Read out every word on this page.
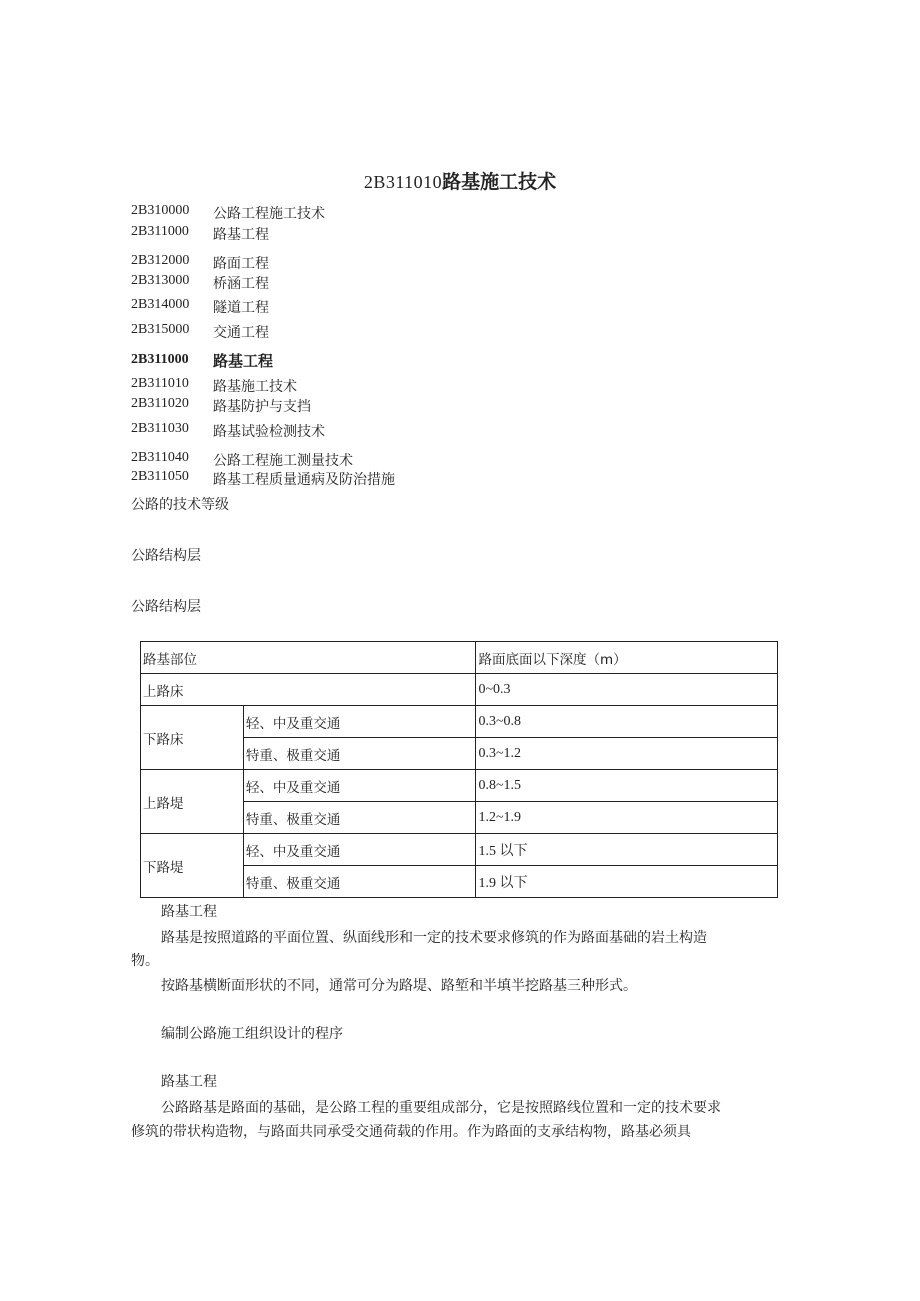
2B311010路基施工技术
2B310000 公路工程施工技术
2B311000 路基工程
2B312000 路面工程
2B313000 桥涵工程
2B314000 隧道工程
2B315000 交通工程
2B311000 路基工程
2B311010 路基施工技术
2B311020 路基防护与支挡
2B311030 路基试验检测技术
2B311040 公路工程施工测量技术
2B311050 路基工程质量通病及防治措施
公路的技术等级
公路结构层
公路结构层
路基部位		路面底面以下深度（m）
上路床		0~0.3
下路床	轻、中及重交通	0.3~0.8
	特重、极重交通	0.3~1.2
上路堤	轻、中及重交通	0.8~1.5
	特重、极重交通	1.2~1.9
下路堤	轻、中及重交通	1.5 以下
	特重、极重交通	1.9 以下
路基工程
路基是按照道路的平面位置、纵面线形和一定的技术要求修筑的作为路面基础的岩土构造
物。
按路基横断面形状的不同，通常可分为路堤、路堑和半填半挖路基三种形式。
编制公路施工组织设计的程序
路基工程
公路路基是路面的基础，是公路工程的重要组成部分，它是按照路线位置和一定的技术要求
修筑的带状构造物，与路面共同承受交通荷载的作用。作为路面的支承结构物，路基必须具
